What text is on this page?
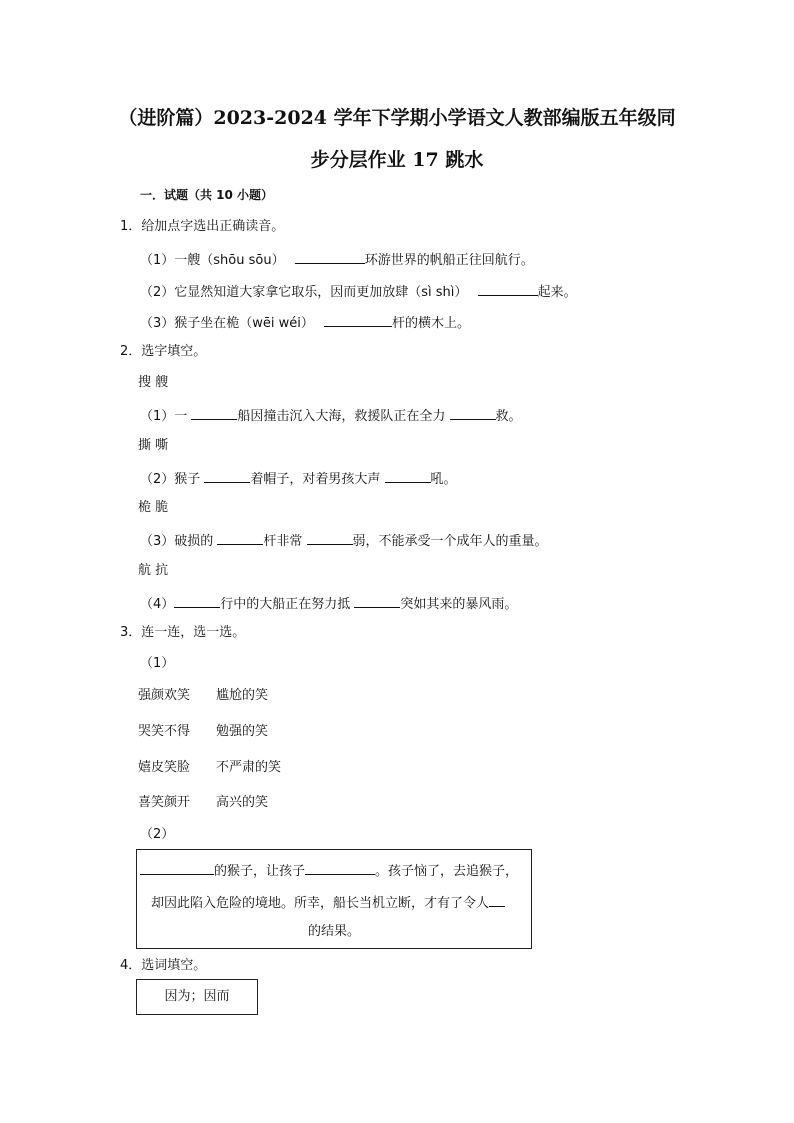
（进阶篇）2023-2024 学年下学期小学语文人教部编版五年级同
步分层作业 17 跳水
一．试题（共 10 小题）
1．给加点字选出正确读音。
（1）一艘（shōu sōu）	环游世界的帆船正往回航行。
（2）它显然知道大家拿它取乐，因而更加放肆（sì shì）	起来。
（3）猴子坐在桅（wēi wéi）	杆的横木上。
2．选字填空。
搜 艘
（1）一	船因撞击沉入大海，救援队正在全力	救。
撕 嘶
（2）猴子	着帽子，对着男孩大声	吼。
桅 脆
（3）破损的	杆非常	弱，不能承受一个成年人的重量。
航 抗
（4）	行中的大船正在努力抵	突如其来的暴风雨。
3．连一连，选一选。
（1）
强颜欢笑 尴尬的笑
哭笑不得 勉强的笑
嬉皮笑脸 不严肃的笑
喜笑颜开 高兴的笑
（2）
的猴子，让孩子	。孩子恼了，去追猴子，
却因此陷入危险的境地。所幸，船长当机立断，才有了令人
的结果。
4．选词填空。
因为；因而
